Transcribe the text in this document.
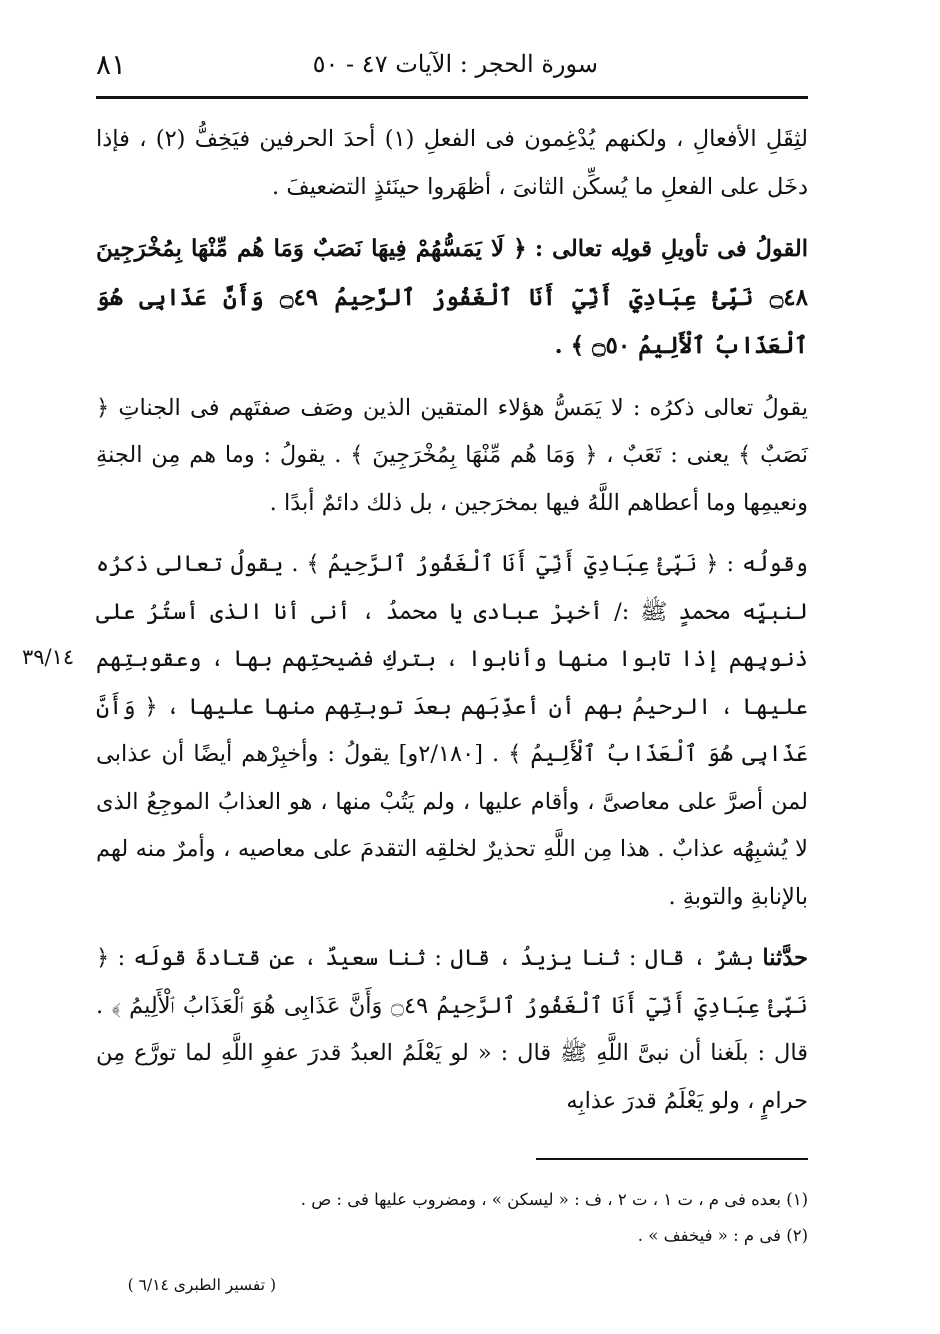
٨١	سورة الحجر : الآيات ٤٧ - ٥٠
٣٩/١٤

لثِقَلِ الأفعالِ ، ولكنهم يُدْغِمون فى الفعلِ (١) أحدَ الحرفين فيَخِفُّ (٢) ، فإذا دخَل على الفعلِ ما يُسكِّن الثانىَ ، أظهَروا حينَئذٍ التضعيفَ .

القولُ فى تأويلِ قولِه تعالى : ﴿ لَا يَمَسُّهُمْ فِيهَا نَصَبٌ وَمَا هُم مِّنْهَا بِمُخْرَجِينَ ۝٤٨ نَبِّئْ عِبَادِيٓ أَنِّيٓ أَنَا ٱلْغَفُورُ ٱلرَّحِيمُ ۝٤٩ وَأَنَّ عَذَابِى هُوَ ٱلْعَذَابُ ٱلْأَلِيمُ ۝٥٠ ﴾ .

يقولُ تعالى ذكرُه : لا يَمَسُّ هؤلاء المتقين الذين وصَف صفتَهم فى الجناتِ ﴿ نَصَبٌ ﴾ يعنى : تَعَبٌ ، ﴿ وَمَا هُم مِّنْهَا بِمُخْرَجِينَ ﴾ . يقولُ : وما هم مِن الجنةِ ونعيمِها وما أعطاهم اللَّهُ فيها بمخرَجين ، بل ذلك دائمٌ أبدًا .

وقولُه : ﴿ نَبِّئْ عِبَادِيٓ أَنِّيٓ أَنَا ٱلْغَفُورُ ٱلرَّحِيمُ ﴾ . يقولُ تعالى ذكرُه لنبيِّه محمدٍ ﷺ :/ أخبِرْ عبادى يا محمدُ ، أنى أنا الذى أستُرُ على ذنوبِهم إذا تابوا منها وأنابوا ، بتركِ فضيحتِهم بها ، وعقوبتِهم عليها ، الرحيمُ بهم أن أعذِّبَهم بعدَ توبتِهم منها عليها ، ﴿ وَأَنَّ عَذَابِى هُوَ ٱلْعَذَابُ ٱلْأَلِيمُ ﴾ . [٢/١٨٠و] يقولُ : وأخبِرْهم أيضًا أن عذابى لمن أصرَّ على معاصىَّ ، وأقام عليها ، ولم يَتُبْ منها ، هو العذابُ الموجِعُ الذى لا يُشبِهُه عذابٌ . هذا مِن اللَّهِ تحذيرٌ لخلقِه التقدمَ على معاصيه ، وأمرٌ منه لهم بالإنابةِ والتوبةِ .

حدَّثنا بشرٌ ، قال : ثنا يزيدُ ، قال : ثنا سعيدٌ ، عن قتادةَ قولَه : ﴿ نَبِّئْ عِبَادِيٓ أَنِّيٓ أَنَا ٱلْغَفُورُ ٱلرَّحِيمُ ۝٤٩ وَأَنَّ عَذَابِى هُوَ ٱلْعَذَابُ ٱلْأَلِيمُ ﴾ . قال : بلَغنا أن نبىَّ اللَّهِ ﷺ قال : « لو يَعْلَمُ العبدُ قدرَ عفوِ اللَّهِ لما تورَّع مِن حرامٍ ، ولو يَعْلَمُ قدرَ عذابِه

(١) بعده فى م ، ت ١ ، ت ٢ ، ف : « ليسكن » ، ومضروب عليها فى : ص .

(٢) فى م : « فيخفف » .

( تفسير الطبرى ٦/١٤ )
